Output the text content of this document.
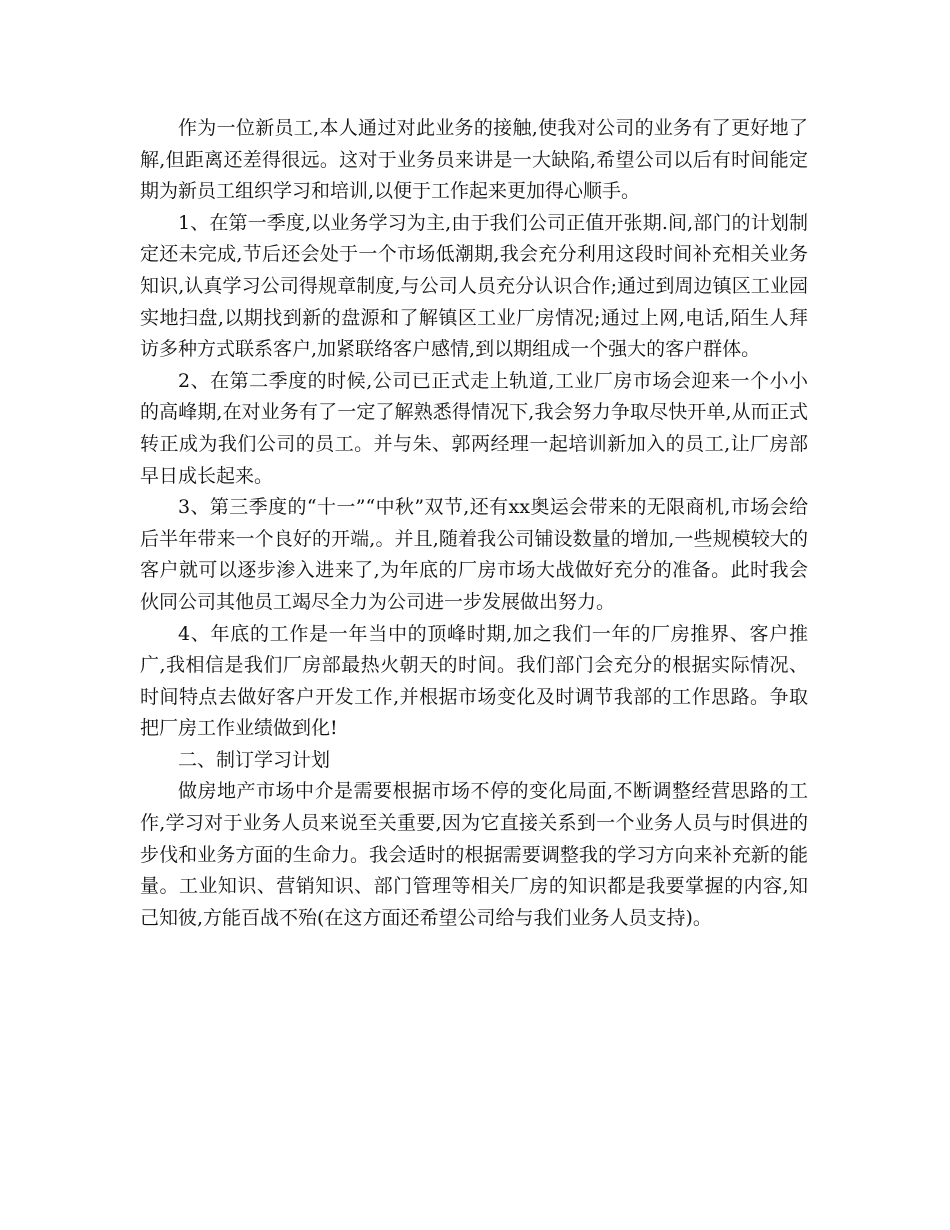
作为一位新员工,本人通过对此业务的接触,使我对公司的业务有了更好地了解,但距离还差得很远。这对于业务员来讲是一大缺陷,希望公司以后有时间能定期为新员工组织学习和培训,以便于工作起来更加得心顺手。

1、在第一季度,以业务学习为主,由于我们公司正值开张期.间,部门的计划制定还未完成,节后还会处于一个市场低潮期,我会充分利用这段时间补充相关业务知识,认真学习公司得规章制度,与公司人员充分认识合作;通过到周边镇区工业园实地扫盘,以期找到新的盘源和了解镇区工业厂房情况;通过上网,电话,陌生人拜访多种方式联系客户,加紧联络客户感情,到以期组成一个强大的客户群体。

2、在第二季度的时候,公司已正式走上轨道,工业厂房市场会迎来一个小小的高峰期,在对业务有了一定了解熟悉得情况下,我会努力争取尽快开单,从而正式转正成为我们公司的员工。并与朱、郭两经理一起培训新加入的员工,让厂房部早日成长起来。

3、第三季度的“十一”“中秋”双节,还有xx奥运会带来的无限商机,市场会给后半年带来一个良好的开端,。并且,随着我公司铺设数量的增加,一些规模较大的客户就可以逐步渗入进来了,为年底的厂房市场大战做好充分的准备。此时我会伙同公司其他员工竭尽全力为公司进一步发展做出努力。

4、年底的工作是一年当中的顶峰时期,加之我们一年的厂房推界、客户推广,我相信是我们厂房部最热火朝天的时间。我们部门会充分的根据实际情况、时间特点去做好客户开发工作,并根据市场变化及时调节我部的工作思路。争取把厂房工作业绩做到化!

二、制订学习计划

做房地产市场中介是需要根据市场不停的变化局面,不断调整经营思路的工作,学习对于业务人员来说至关重要,因为它直接关系到一个业务人员与时俱进的步伐和业务方面的生命力。我会适时的根据需要调整我的学习方向来补充新的能量。工业知识、营销知识、部门管理等相关厂房的知识都是我要掌握的内容,知己知彼,方能百战不殆(在这方面还希望公司给与我们业务人员支持)。
